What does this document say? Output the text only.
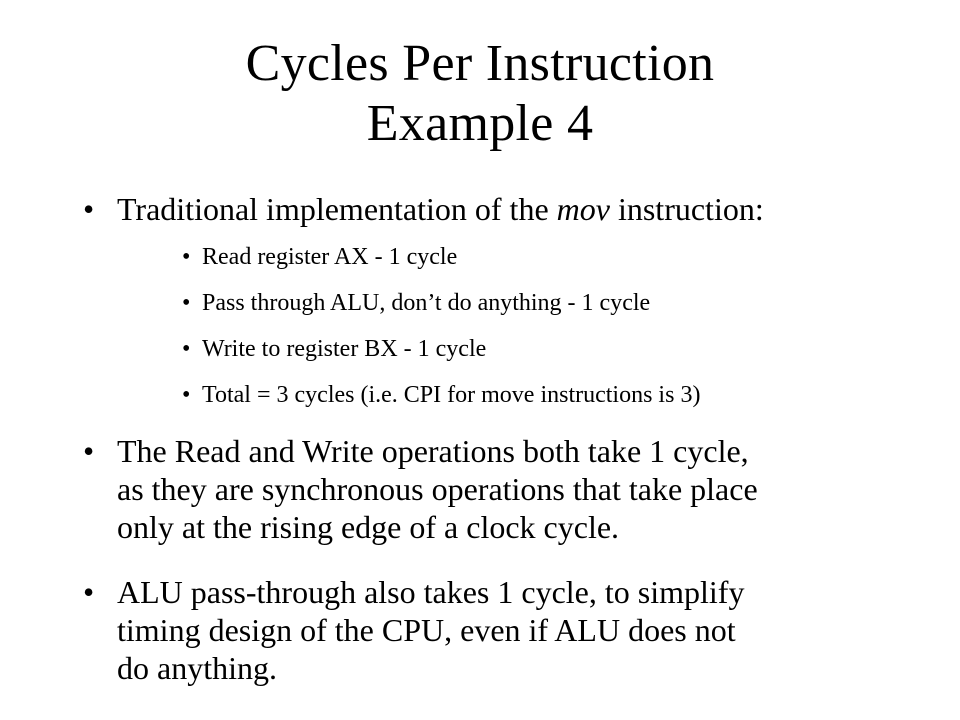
Cycles Per Instruction
Example 4
• Traditional implementation of the mov instruction:
• Read register AX - 1 cycle
• Pass through ALU, don’t do anything - 1 cycle
• Write to register BX - 1 cycle
• Total = 3 cycles (i.e. CPI for move instructions is 3)
• The Read and Write operations both take 1 cycle,
as they are synchronous operations that take place
only at the rising edge of a clock cycle.
• ALU pass-through also takes 1 cycle, to simplify
timing design of the CPU, even if ALU does not
do anything.
